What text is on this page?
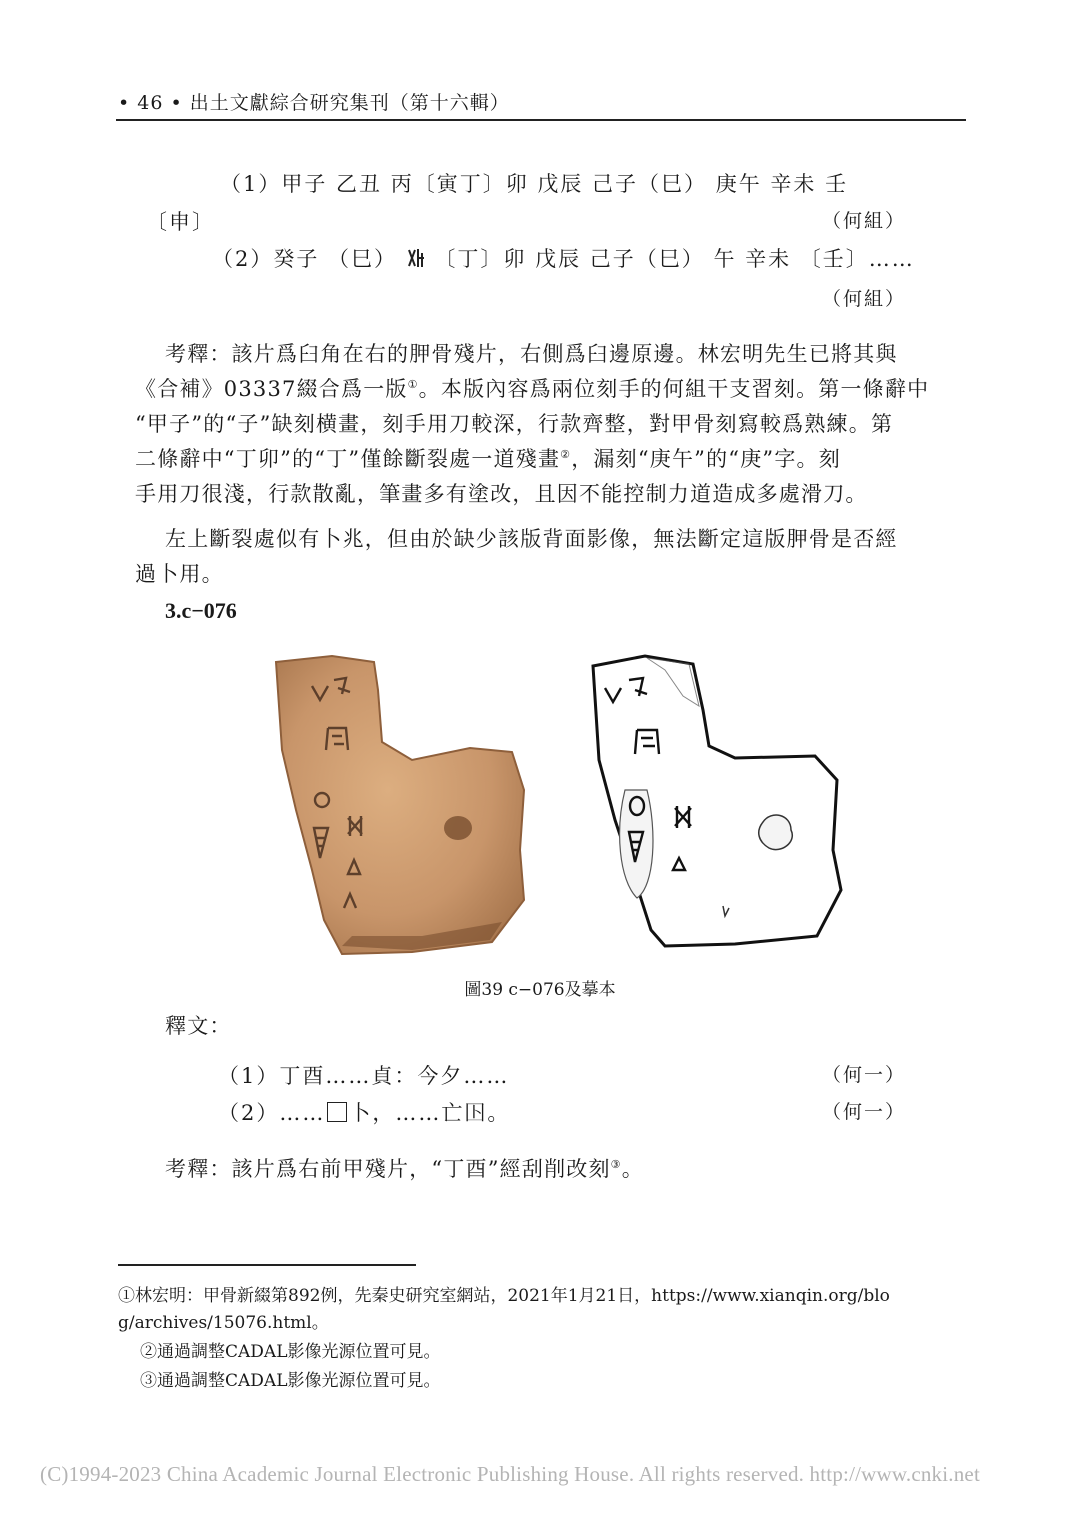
• 46 • 出土文獻綜合研究集刊（第十六輯）
（1）甲子 乙丑 丙〔寅丁〕卯 戊辰 己子（巳） 庚午 辛未 壬
〔申〕	（何組）
（2）癸子 （巳） 〔丁〕卯 戊辰 己子（巳） 午 辛未 〔壬〕……
（何組）
考釋：該片爲臼角在右的胛骨殘片，右側爲臼邊原邊。林宏明先生已將其與
《合補》03337綴合爲一版①。本版內容爲兩位刻手的何組干支習刻。第一條辭中
“甲子”的“子”缺刻横畫，刻手用刀較深，行款齊整，對甲骨刻寫較爲熟練。第
二條辭中“丁卯”的“丁”僅餘斷裂處一道殘畫②，漏刻“庚午”的“庚”字。刻
手用刀很淺，行款散亂，筆畫多有塗改，且因不能控制力道造成多處滑刀。
左上斷裂處似有卜兆，但由於缺少該版背面影像，無法斷定這版胛骨是否經
過卜用。
3.c−076
圖39 c−076及摹本
釋文：
（1）丁酉……貞：今夕……	（何一）
（2）…… 卜，……亡𡆥。	（何一）
考釋：該片爲右前甲殘片，“丁酉”經刮削改刻③。
①林宏明：甲骨新綴第892例，先秦史研究室網站，2021年1月21日，https://www.xianqin.org/blo
g/archives/15076.html。
②通過調整CADAL影像光源位置可見。
③通過調整CADAL影像光源位置可見。
(C)1994-2023 China Academic Journal Electronic Publishing House. All rights reserved. http://www.cnki.net
